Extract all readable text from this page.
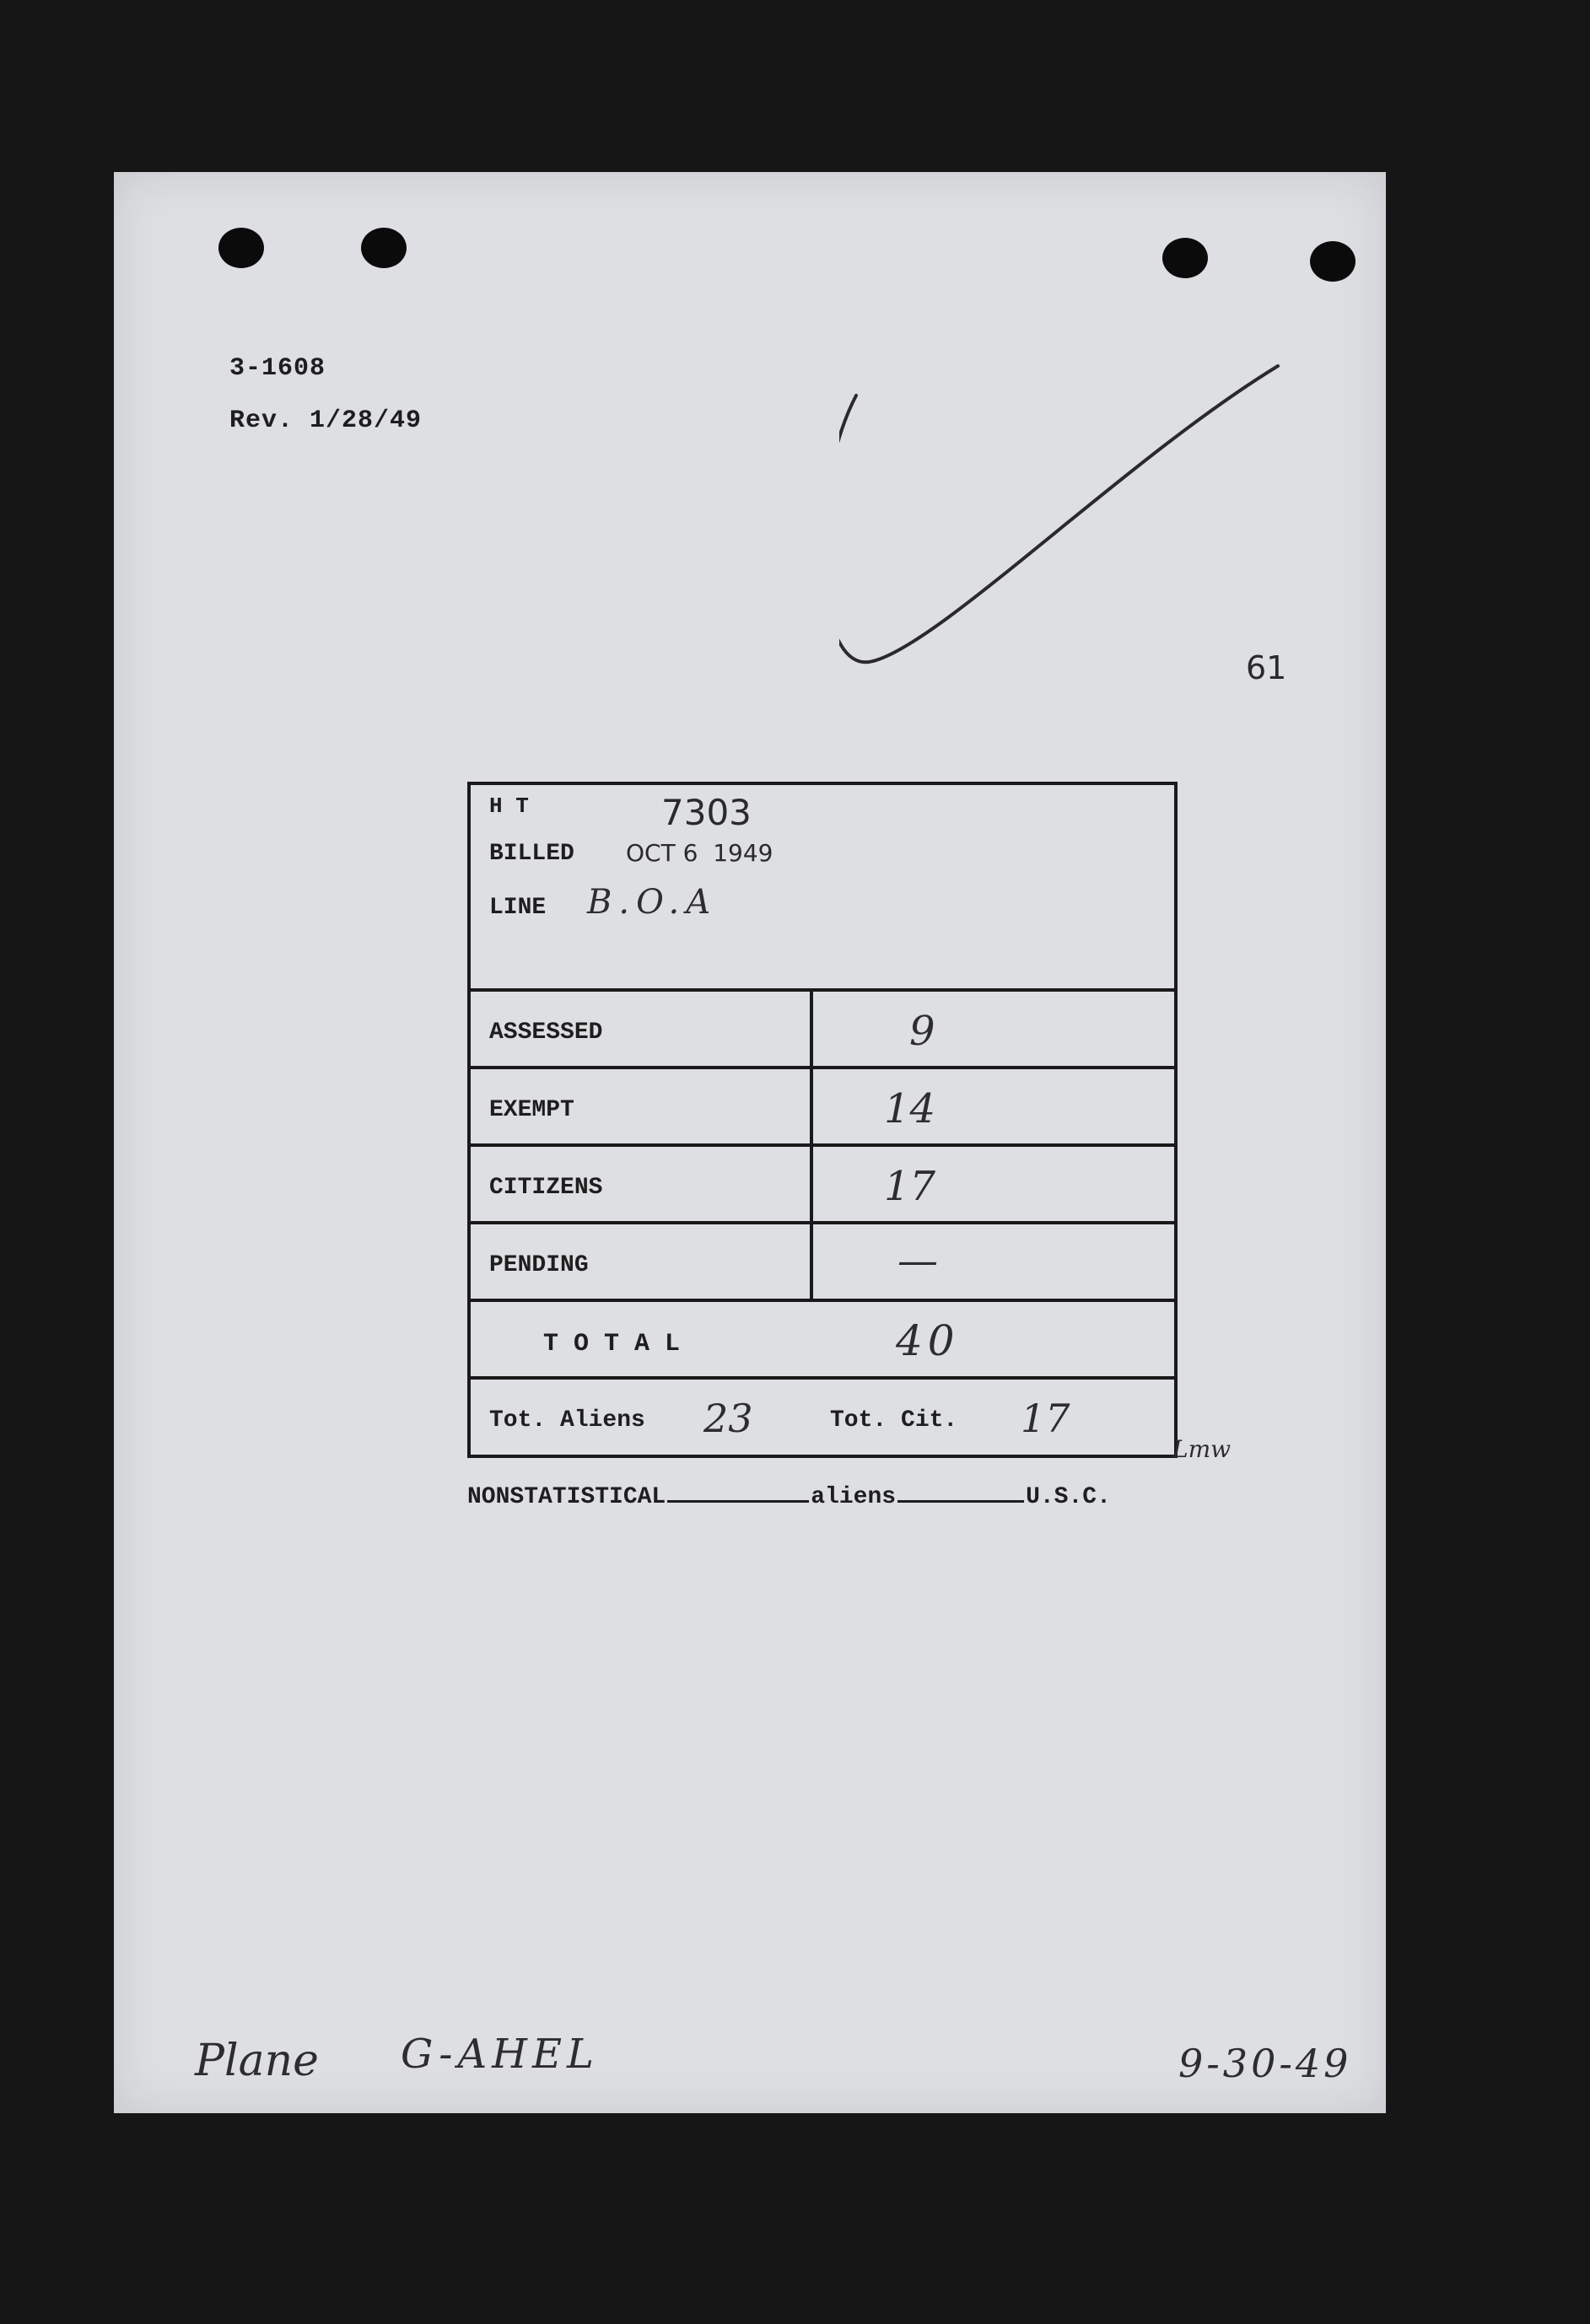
3-1608
Rev. 1/28/49
61
Plane G-AHEL	9-30-49
H T	7303
BILLED OCT 6  1949
LINE B.O.A
ASSESSED	9
EXEMPT	14
CITIZENS	17
PENDING	—
T O T A L	40
Tot. Aliens 23	Tot. Cit. 17
Lmw
NONSTATISTICAL	aliens	U.S.C.
